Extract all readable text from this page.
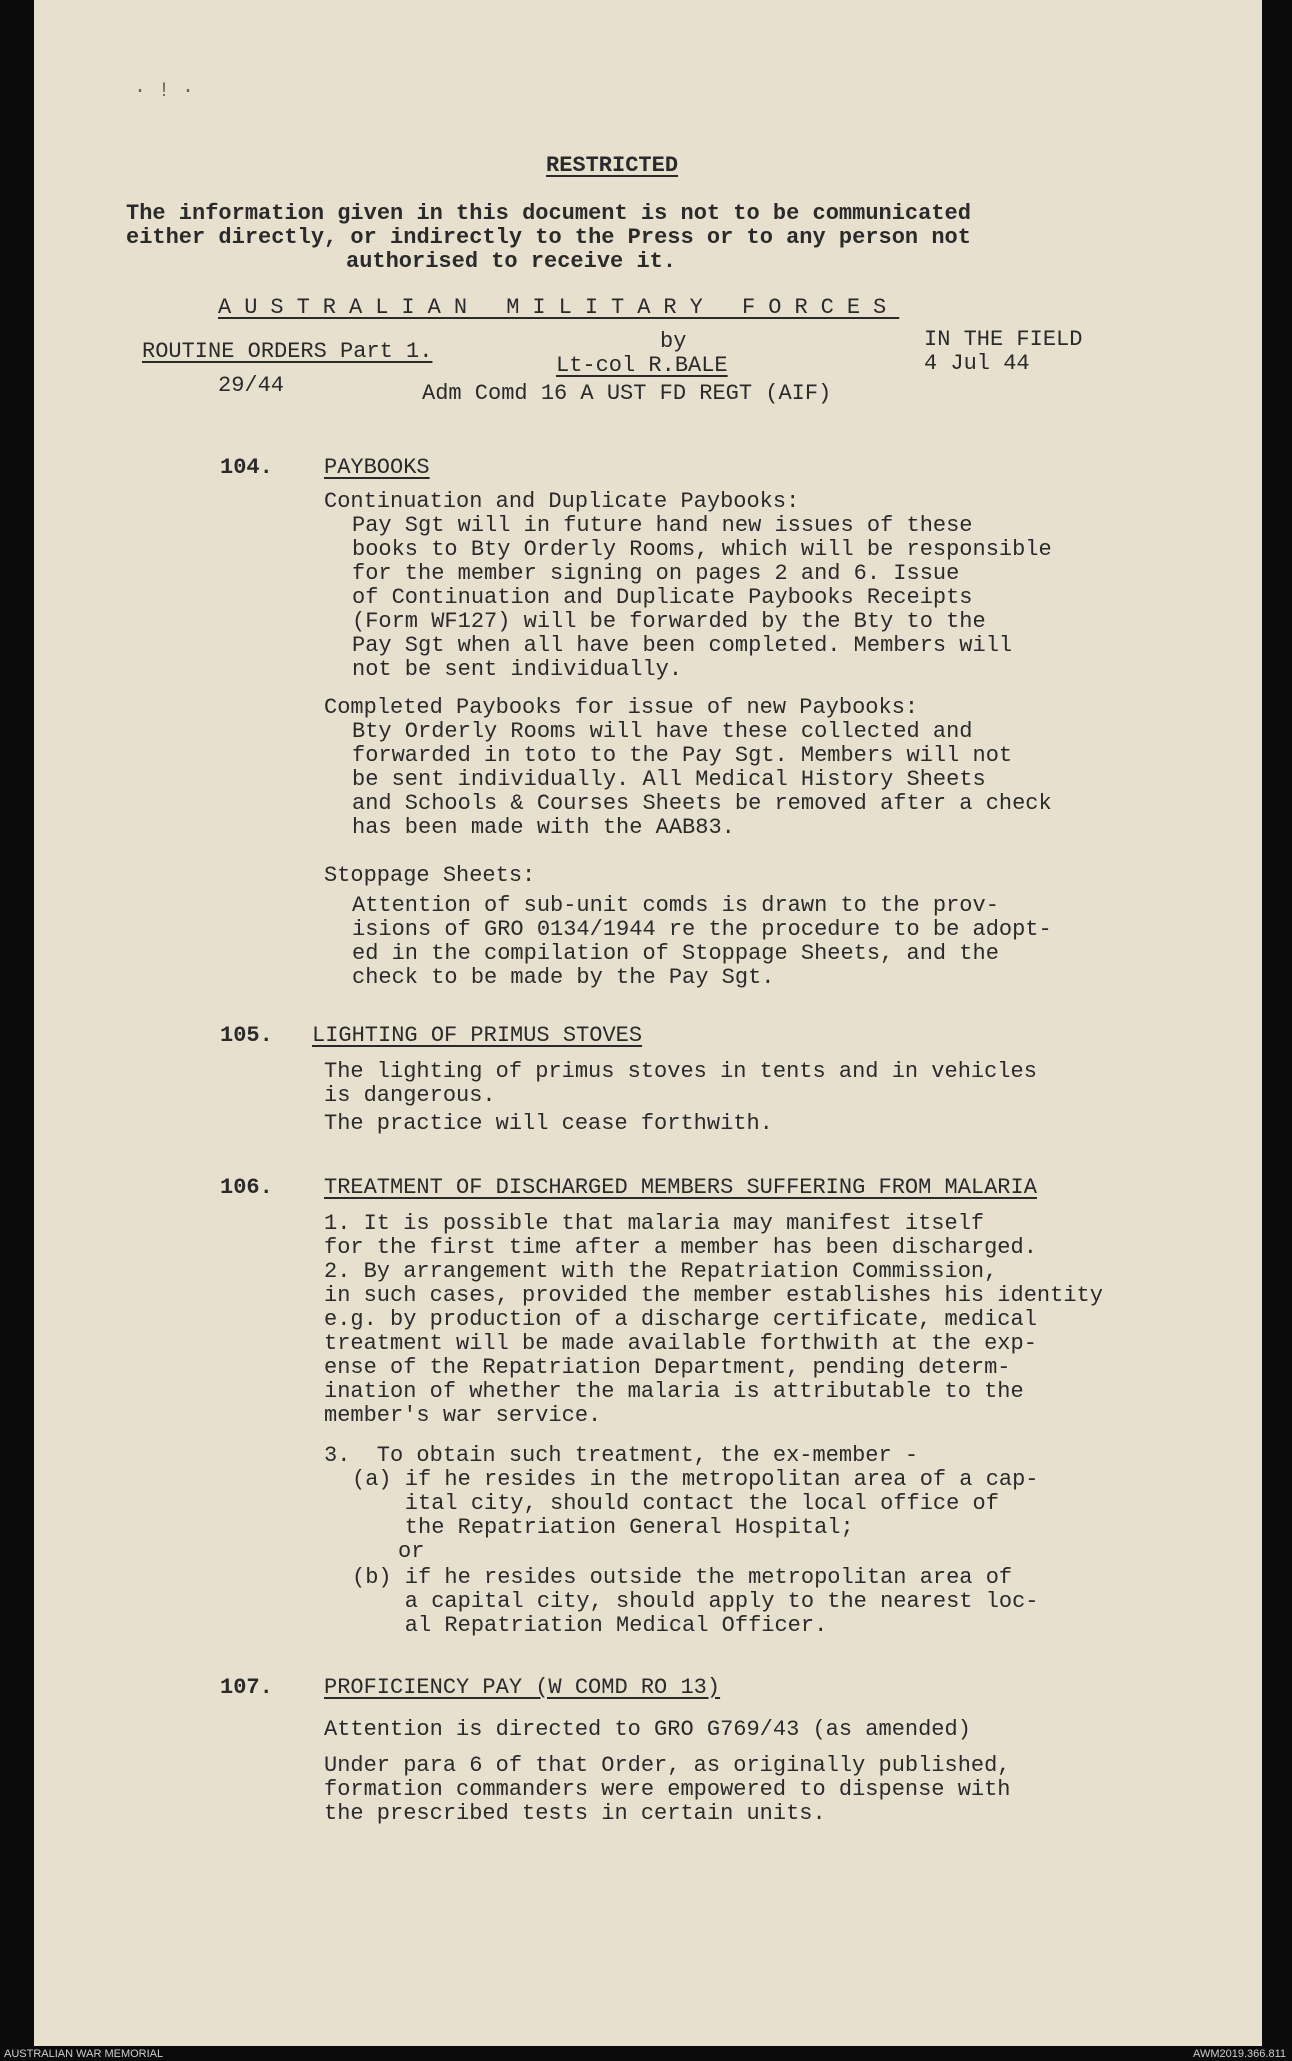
· ! ·
RESTRICTED
The information given in this document is not to be communicated
either directly, or indirectly to the Press or to any person not
authorised to receive it.
AUSTRALIAN MILITARY FORCES
by	IN THE FIELD
ROUTINE ORDERS Part 1.
Lt-col R.BALE	4 Jul 44
29/44	Adm Comd 16 A UST FD REGT (AIF)
104. PAYBOOKS
Continuation and Duplicate Paybooks:
Pay Sgt will in future hand new issues of these
books to Bty Orderly Rooms, which will be responsible
for the member signing on pages 2 and 6. Issue
of Continuation and Duplicate Paybooks Receipts
(Form WF127) will be forwarded by the Bty to the
Pay Sgt when all have been completed. Members will
not be sent individually.
Completed Paybooks for issue of new Paybooks:
Bty Orderly Rooms will have these collected and
forwarded in toto to the Pay Sgt. Members will not
be sent individually. All Medical History Sheets
and Schools & Courses Sheets be removed after a check
has been made with the AAB83.
Stoppage Sheets:
Attention of sub-unit comds is drawn to the prov-
isions of GRO 0134/1944 re the procedure to be adopt-
ed in the compilation of Stoppage Sheets, and the
check to be made by the Pay Sgt.
105. LIGHTING OF PRIMUS STOVES
The lighting of primus stoves in tents and in vehicles
is dangerous.
The practice will cease forthwith.
106. TREATMENT OF DISCHARGED MEMBERS SUFFERING FROM MALARIA
1. It is possible that malaria may manifest itself
for the first time after a member has been discharged.
2. By arrangement with the Repatriation Commission,
in such cases, provided the member establishes his identity
e.g. by production of a discharge certificate, medical
treatment will be made available forthwith at the exp-
ense of the Repatriation Department, pending determ-
ination of whether the malaria is attributable to the
member's war service.
3.  To obtain such treatment, the ex-member -
(a) if he resides in the metropolitan area of a cap-
ital city, should contact the local office of
the Repatriation General Hospital;
or
(b) if he resides outside the metropolitan area of
a capital city, should apply to the nearest loc-
al Repatriation Medical Officer.
107. PROFICIENCY PAY (W COMD RO 13)
Attention is directed to GRO G769/43 (as amended)
Under para 6 of that Order, as originally published,
formation commanders were empowered to dispense with
the prescribed tests in certain units.
AUSTRALIAN WAR MEMORIAL	AWM2019.366.811
